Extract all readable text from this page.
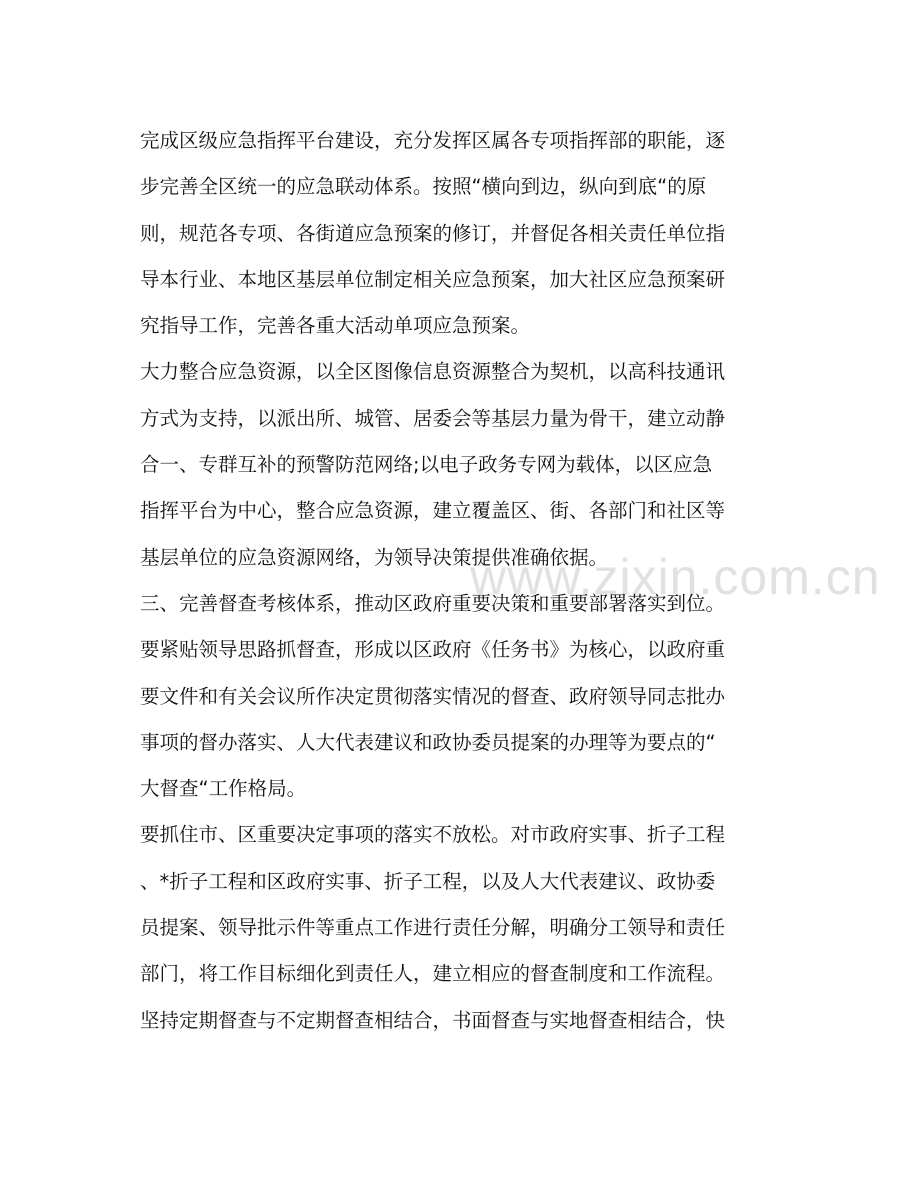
完成区级应急指挥平台建设，充分发挥区属各专项指挥部的职能，逐
步完善全区统一的应急联动体系。按照“横向到边，纵向到底“的原
则，规范各专项、各街道应急预案的修订，并督促各相关责任单位指
导本行业、本地区基层单位制定相关应急预案，加大社区应急预案研
究指导工作，完善各重大活动单项应急预案。
大力整合应急资源，以全区图像信息资源整合为契机，以高科技通讯
方式为支持，以派出所、城管、居委会等基层力量为骨干，建立动静
合一、专群互补的预警防范网络;以电子政务专网为载体，以区应急
指挥平台为中心，整合应急资源，建立覆盖区、街、各部门和社区等
基层单位的应急资源网络，为领导决策提供准确依据。
三、完善督查考核体系，推动区政府重要决策和重要部署落实到位。
要紧贴领导思路抓督查，形成以区政府《任务书》为核心，以政府重
要文件和有关会议所作决定贯彻落实情况的督查、政府领导同志批办
事项的督办落实、人大代表建议和政协委员提案的办理等为要点的“
大督查“工作格局。
要抓住市、区重要决定事项的落实不放松。对市政府实事、折子工程
、*折子工程和区政府实事、折子工程，以及人大代表建议、政协委
员提案、领导批示件等重点工作进行责任分解，明确分工领导和责任
部门，将工作目标细化到责任人，建立相应的督查制度和工作流程。
坚持定期督查与不定期督查相结合，书面督查与实地督查相结合，快
www.zixin.com.cn
